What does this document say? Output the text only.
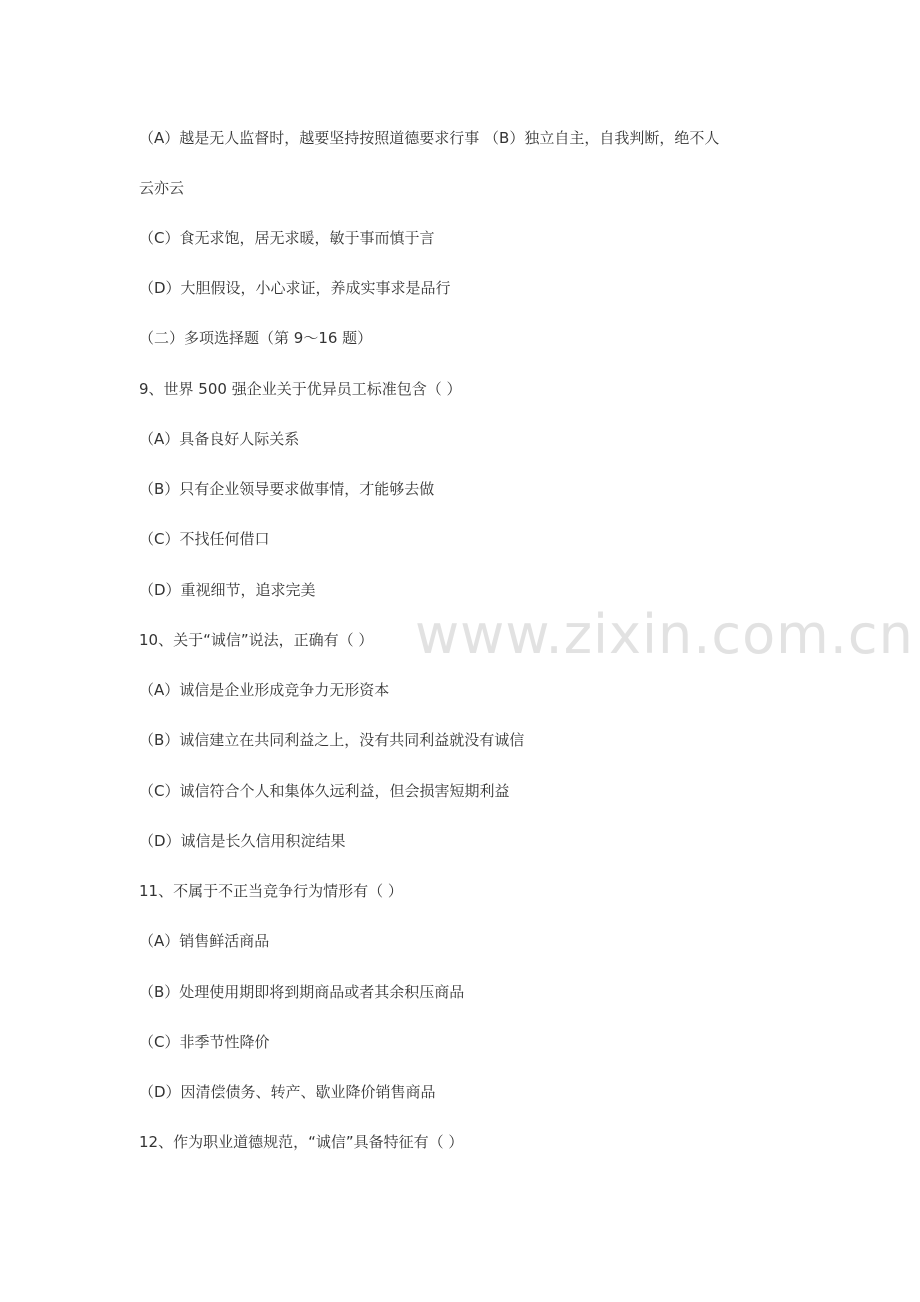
www.zixin.com.cn
（A）越是无人监督时，越要坚持按照道德要求行事 （B）独立自主，自我判断，绝不人
云亦云
（C）食无求饱，居无求暖，敏于事而慎于言
（D）大胆假设，小心求证，养成实事求是品行
（二）多项选择题（第 9～16 题）
9、世界 500 强企业关于优异员工标准包含（ ）
（A）具备良好人际关系
（B）只有企业领导要求做事情，才能够去做
（C）不找任何借口
（D）重视细节，追求完美
10、关于“诚信”说法，正确有（ ）
（A）诚信是企业形成竞争力无形资本
（B）诚信建立在共同利益之上，没有共同利益就没有诚信
（C）诚信符合个人和集体久远利益，但会损害短期利益
（D）诚信是长久信用积淀结果
11、不属于不正当竞争行为情形有（ ）
（A）销售鲜活商品
（B）处理使用期即将到期商品或者其余积压商品
（C）非季节性降价
（D）因清偿债务、转产、歇业降价销售商品
12、作为职业道德规范，“诚信”具备特征有（ ）
